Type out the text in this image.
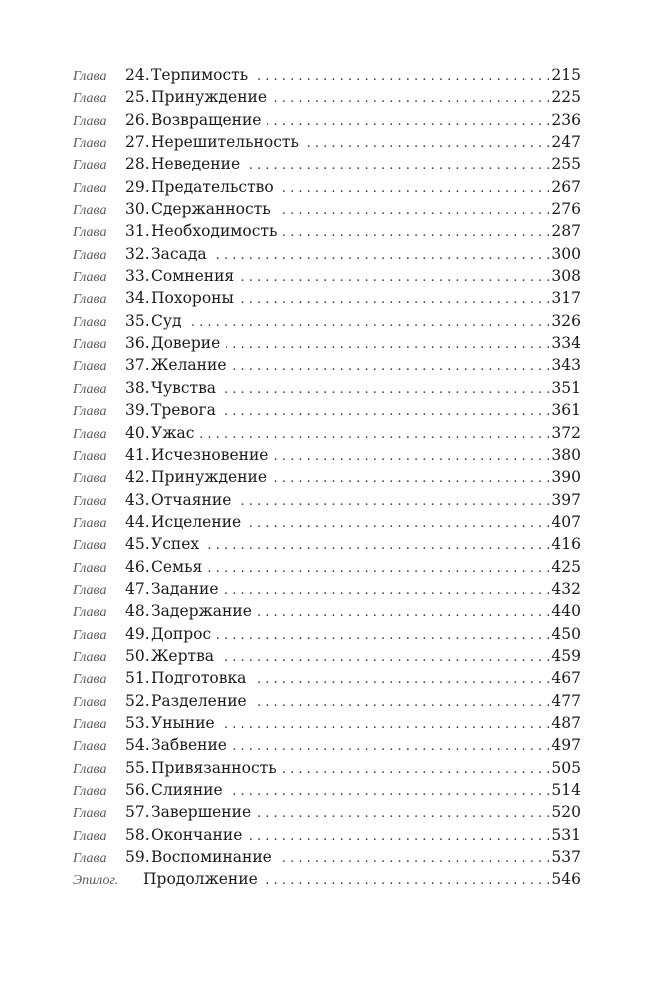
Глава	24. Терпимость . . .	215
Глава	25. Принуждение . . .	225
Глава	26. Возвращение . . .	236
Глава	27. Нерешительность . . .	247
Глава	28. Неведение . . .	255
Глава	29. Предательство . . .	267
Глава	30. Сдержанность . . .	276
Глава	31. Необходимость . . .	287
Глава	32. Засада . . .	300
Глава	33. Сомнения . . .	308
Глава	34. Похороны . . .	317
Глава	35. Суд . . .	326
Глава	36. Доверие . . .	334
Глава	37. Желание . . .	343
Глава	38. Чувства . . .	351
Глава	39. Тревога . . .	361
Глава	40. Ужас . . .	372
Глава	41. Исчезновение . . .	380
Глава	42. Принуждение . . .	390
Глава	43. Отчаяние . . .	397
Глава	44. Исцеление . . .	407
Глава	45. Успех . . .	416
Глава	46. Семья . . .	425
Глава	47. Задание . . .	432
Глава	48. Задержание . . .	440
Глава	49. Допрос . . .	450
Глава	50. Жертва . . .	459
Глава	51. Подготовка . . .	467
Глава	52. Разделение . . .	477
Глава	53. Уныние . . .	487
Глава	54. Забвение . . .	497
Глава	55. Привязанность . . .	505
Глава	56. Слияние . . .	514
Глава	57. Завершение . . .	520
Глава	58. Окончание . . .	531
Глава	59. Воспоминание . . .	537
Эпилог.	Продолжение . . .	546
